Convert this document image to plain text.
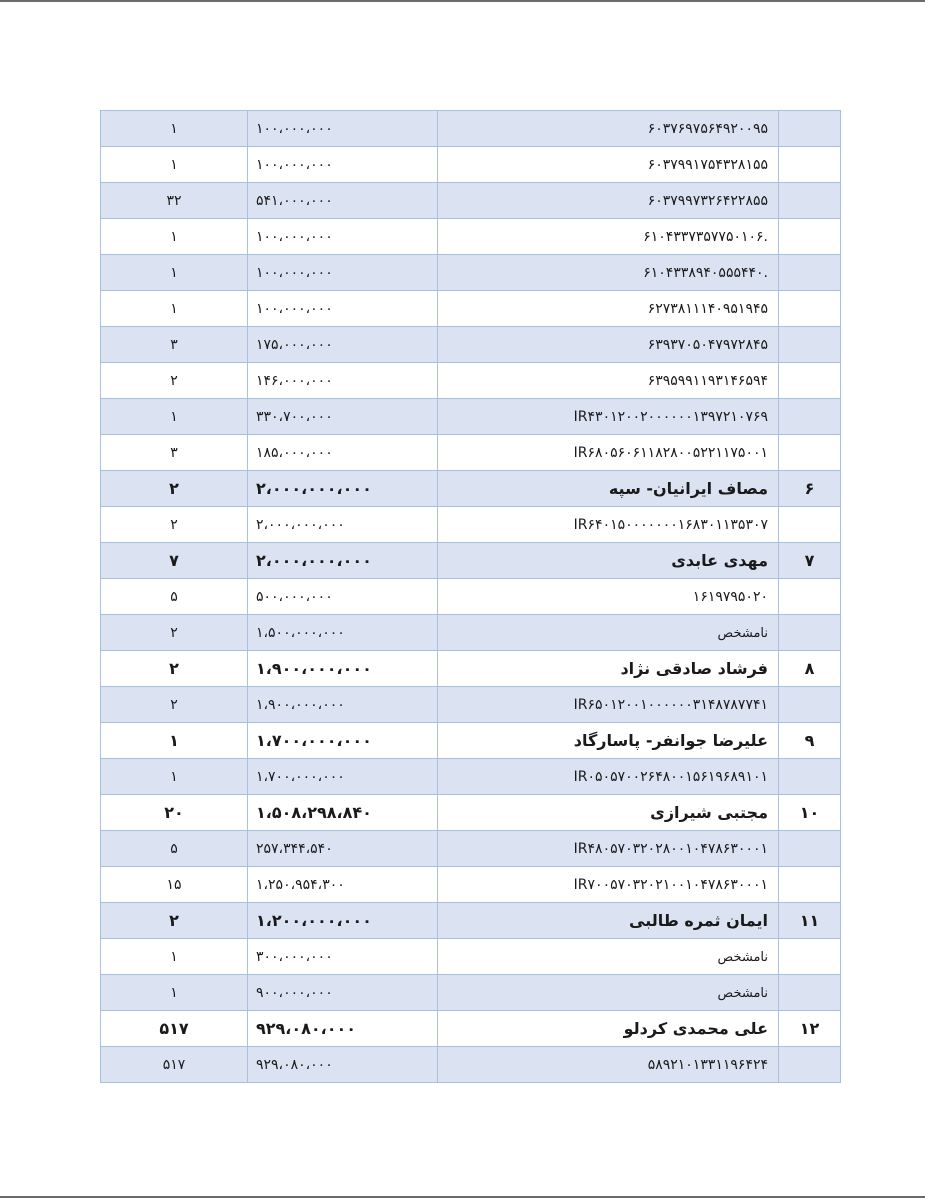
۱	۱۰۰،۰۰۰،۰۰۰	۶۰۳۷۶۹۷۵۶۴۹۲۰۰۹۵	
۱	۱۰۰،۰۰۰،۰۰۰	۶۰۳۷۹۹۱۷۵۴۳۲۸۱۵۵	
۳۲	۵۴۱،۰۰۰،۰۰۰	۶۰۳۷۹۹۷۳۲۶۴۲۲۸۵۵	
۱	۱۰۰،۰۰۰،۰۰۰	۶۱۰۴۳۳۷۳۵۷۷۵۰۱۰۶.	
۱	۱۰۰،۰۰۰،۰۰۰	۶۱۰۴۳۳۸۹۴۰۵۵۵۴۴۰.	
۱	۱۰۰،۰۰۰،۰۰۰	۶۲۷۳۸۱۱۱۴۰۹۵۱۹۴۵	
۳	۱۷۵،۰۰۰،۰۰۰	۶۳۹۳۷۰۵۰۴۷۹۷۲۸۴۵	
۲	۱۴۶،۰۰۰،۰۰۰	۶۳۹۵۹۹۱۱۹۳۱۴۶۵۹۴	
۱	۳۳۰،۷۰۰،۰۰۰	IR۴۳۰۱۲۰۰۲۰۰۰۰۰۰۱۳۹۷۲۱۰۷۶۹	
۳	۱۸۵،۰۰۰،۰۰۰	IR۶۸۰۵۶۰۶۱۱۸۲۸۰۰۵۲۲۱۱۷۵۰۰۱	
۲	۲،۰۰۰،۰۰۰،۰۰۰	مصاف ایرانیان- سپه	۶
۲	۲،۰۰۰،۰۰۰،۰۰۰	IR۶۴۰۱۵۰۰۰۰۰۰۰۱۶۸۳۰۱۱۳۵۳۰۷	
۷	۲،۰۰۰،۰۰۰،۰۰۰	مهدی عابدی	۷
۵	۵۰۰،۰۰۰،۰۰۰	۱۶۱۹۷۹۵۰۲۰	
۲	۱،۵۰۰،۰۰۰،۰۰۰	نامشخص	
۲	۱،۹۰۰،۰۰۰،۰۰۰	فرشاد صادقی نژاد	۸
۲	۱،۹۰۰،۰۰۰،۰۰۰	IR۶۵۰۱۲۰۰۱۰۰۰۰۰۰۳۱۴۸۷۸۷۷۴۱	
۱	۱،۷۰۰،۰۰۰،۰۰۰	علیرضا جوانفر- پاسارگاد	۹
۱	۱،۷۰۰،۰۰۰،۰۰۰	IR۰۵۰۵۷۰۰۲۶۴۸۰۰۱۵۶۱۹۶۸۹۱۰۱	
۲۰	۱،۵۰۸،۲۹۸،۸۴۰	مجتبی شیرازی	۱۰
۵	۲۵۷،۳۴۴،۵۴۰	IR۴۸۰۵۷۰۳۲۰۲۸۰۰۱۰۴۷۸۶۳۰۰۰۱	
۱۵	۱،۲۵۰،۹۵۴،۳۰۰	IR۷۰۰۵۷۰۳۲۰۲۱۰۰۱۰۴۷۸۶۳۰۰۰۱	
۲	۱،۲۰۰،۰۰۰،۰۰۰	ایمان ثمره طالبی	۱۱
۱	۳۰۰،۰۰۰،۰۰۰	نامشخص	
۱	۹۰۰،۰۰۰،۰۰۰	نامشخص	
۵۱۷	۹۲۹،۰۸۰،۰۰۰	علی محمدی کردلو	۱۲
۵۱۷	۹۲۹،۰۸۰،۰۰۰	۵۸۹۲۱۰۱۳۳۱۱۹۶۴۲۴	
